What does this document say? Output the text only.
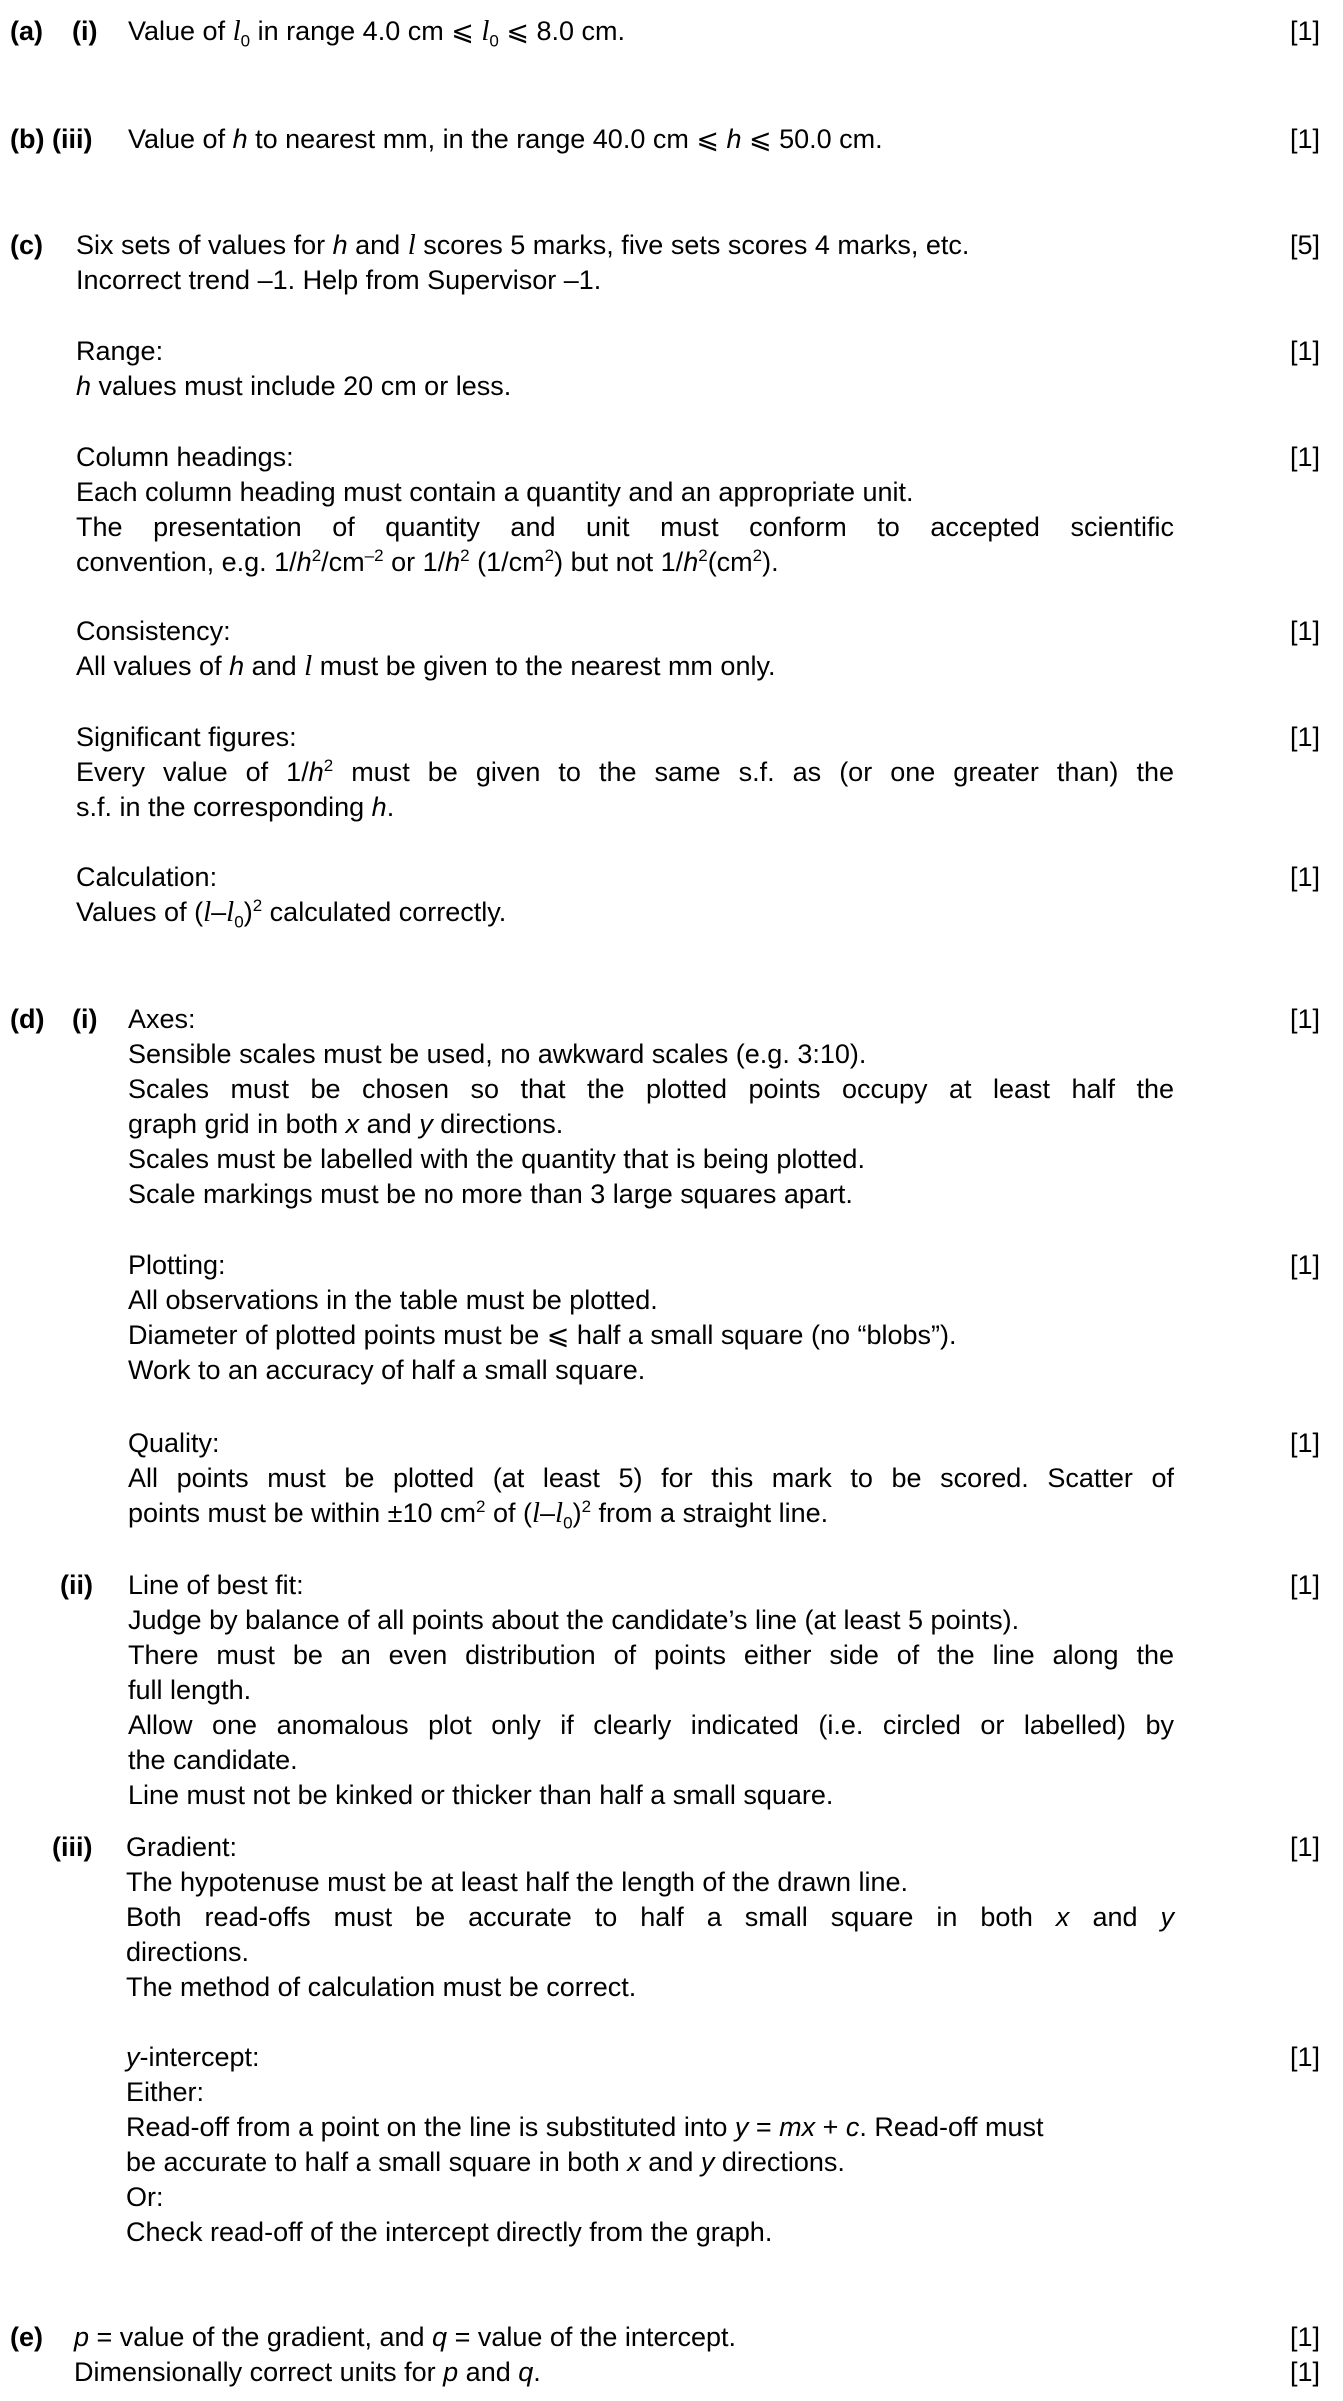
(a) (i) Value of $l_0$ in range 4.0 cm ⩽ $l_0$ ⩽ 8.0 cm.	[1]
(b) (iii) Value of h to nearest mm, in the range 40.0 cm ⩽ h ⩽ 50.0 cm.	[1]
(c) Six sets of values for h and l scores 5 marks, five sets scores 4 marks, etc.
Incorrect trend –1. Help from Supervisor –1.
[5]
Range:
h values must include 20 cm or less.
[1]
Column headings:
Each column heading must contain a quantity and an appropriate unit.
The presentation of quantity and unit must conform to accepted scientific
convention, e.g. $1/h^2/cm^{-2}$ or $1/h^2$ $(1/cm^2)$ but not $1/h^2(cm^2)$.
[1]
Consistency:
All values of h and l must be given to the nearest mm only.
[1]
Significant figures:
Every value of $1/h^2$ must be given to the same s.f. as (or one greater than) the
s.f. in the corresponding h.
[1]
Calculation:
Values of $(l-l_0)^2$ calculated correctly.
[1]
(d) (i) Axes:
Sensible scales must be used, no awkward scales (e.g. 3:10).
Scales must be chosen so that the plotted points occupy at least half the
graph grid in both x and y directions.
Scales must be labelled with the quantity that is being plotted.
Scale markings must be no more than 3 large squares apart.
[1]
Plotting:
All observations in the table must be plotted.
Diameter of plotted points must be ⩽ half a small square (no “blobs”).
Work to an accuracy of half a small square.
[1]
Quality:
All points must be plotted (at least 5) for this mark to be scored. Scatter of
points must be within ±10 $cm^2$ of $(l-l_0)^2$ from a straight line.
[1]
(ii) Line of best fit:
Judge by balance of all points about the candidate’s line (at least 5 points).
There must be an even distribution of points either side of the line along the
full length.
Allow one anomalous plot only if clearly indicated (i.e. circled or labelled) by
the candidate.
Line must not be kinked or thicker than half a small square.
[1]
(iii) Gradient:
The hypotenuse must be at least half the length of the drawn line.
Both read-offs must be accurate to half a small square in both x and y
directions.
The method of calculation must be correct.
[1]
y-intercept:
Either:
Read-off from a point on the line is substituted into y = mx + c. Read-off must
be accurate to half a small square in both x and y directions.
Or:
Check read-off of the intercept directly from the graph.
[1]
(e) p = value of the gradient, and q = value of the intercept.
Dimensionally correct units for p and q.
[1]
[1]
